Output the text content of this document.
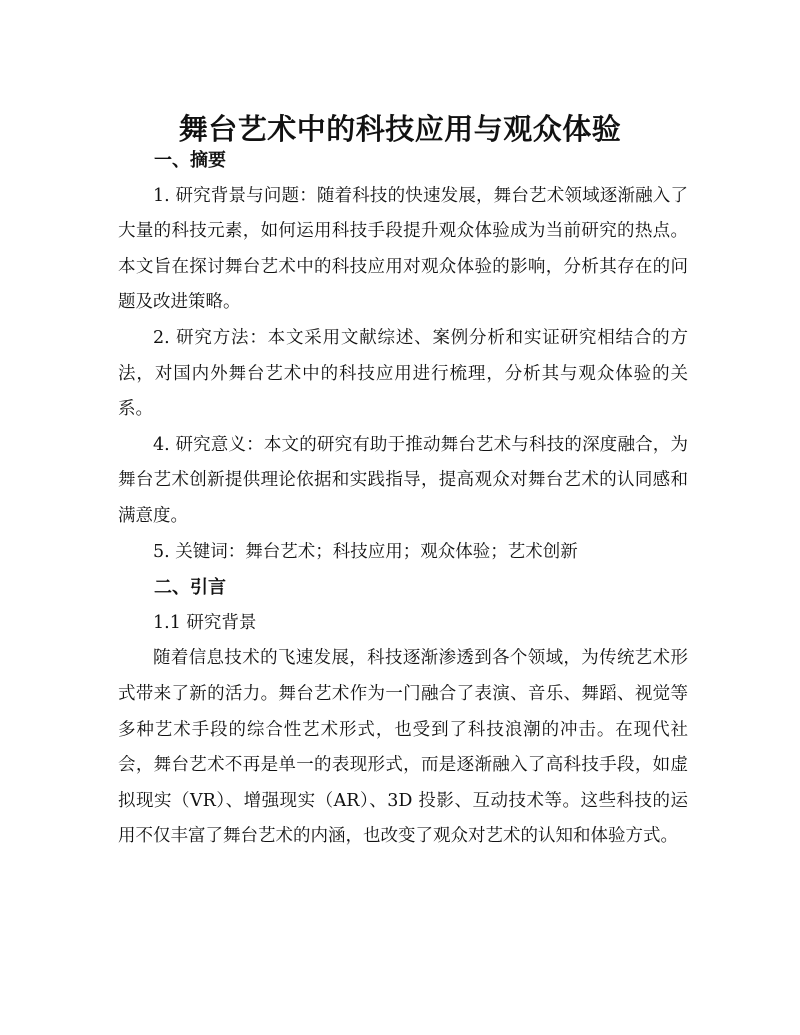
舞台艺术中的科技应用与观众体验

一、摘要

1. 研究背景与问题：随着科技的快速发展，舞台艺术领域逐渐融入了大量的科技元素，如何运用科技手段提升观众体验成为当前研究的热点。本文旨在探讨舞台艺术中的科技应用对观众体验的影响，分析其存在的问题及改进策略。

2. 研究方法：本文采用文献综述、案例分析和实证研究相结合的方法，对国内外舞台艺术中的科技应用进行梳理，分析其与观众体验的关系。

4. 研究意义：本文的研究有助于推动舞台艺术与科技的深度融合，为舞台艺术创新提供理论依据和实践指导，提高观众对舞台艺术的认同感和满意度。

5. 关键词：舞台艺术；科技应用；观众体验；艺术创新

二、引言

1.1 研究背景

随着信息技术的飞速发展，科技逐渐渗透到各个领域，为传统艺术形式带来了新的活力。舞台艺术作为一门融合了表演、音乐、舞蹈、视觉等多种艺术手段的综合性艺术形式，也受到了科技浪潮的冲击。在现代社会，舞台艺术不再是单一的表现形式，而是逐渐融入了高科技手段，如虚拟现实（VR）、增强现实（AR）、3D 投影、互动技术等。这些科技的运用不仅丰富了舞台艺术的内涵，也改变了观众对艺术的认知和体验方式。
